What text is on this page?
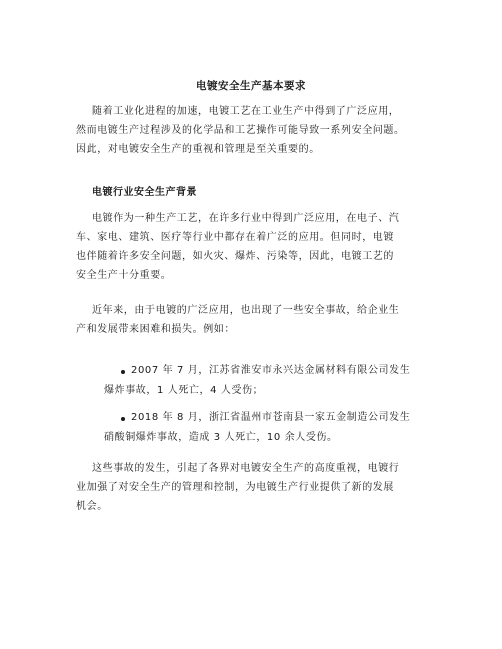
电镀安全生产基本要求
随着工业化进程的加速，电镀工艺在工业生产中得到了广泛应用，
然而电镀生产过程涉及的化学品和工艺操作可能导致一系列安全问题。
因此，对电镀安全生产的重视和管理是至关重要的。
电镀行业安全生产背景
电镀作为一种生产工艺，在许多行业中得到广泛应用，在电子、汽
车、家电、建筑、医疗等行业中都存在着广泛的应用。但同时，电镀
也伴随着许多安全问题，如火灾、爆炸、污染等，因此，电镀工艺的
安全生产十分重要。
近年来，由于电镀的广泛应用，也出现了一些安全事故，给企业生
产和发展带来困难和损失。例如：
2007 年 7 月，江苏省淮安市永兴达金属材料有限公司发生
爆炸事故，1 人死亡，4 人受伤；
2018 年 8 月，浙江省温州市苍南县一家五金制造公司发生
硝酸铜爆炸事故，造成 3 人死亡，10 余人受伤。
这些事故的发生，引起了各界对电镀安全生产的高度重视，电镀行
业加强了对安全生产的管理和控制，为电镀生产行业提供了新的发展
机会。
